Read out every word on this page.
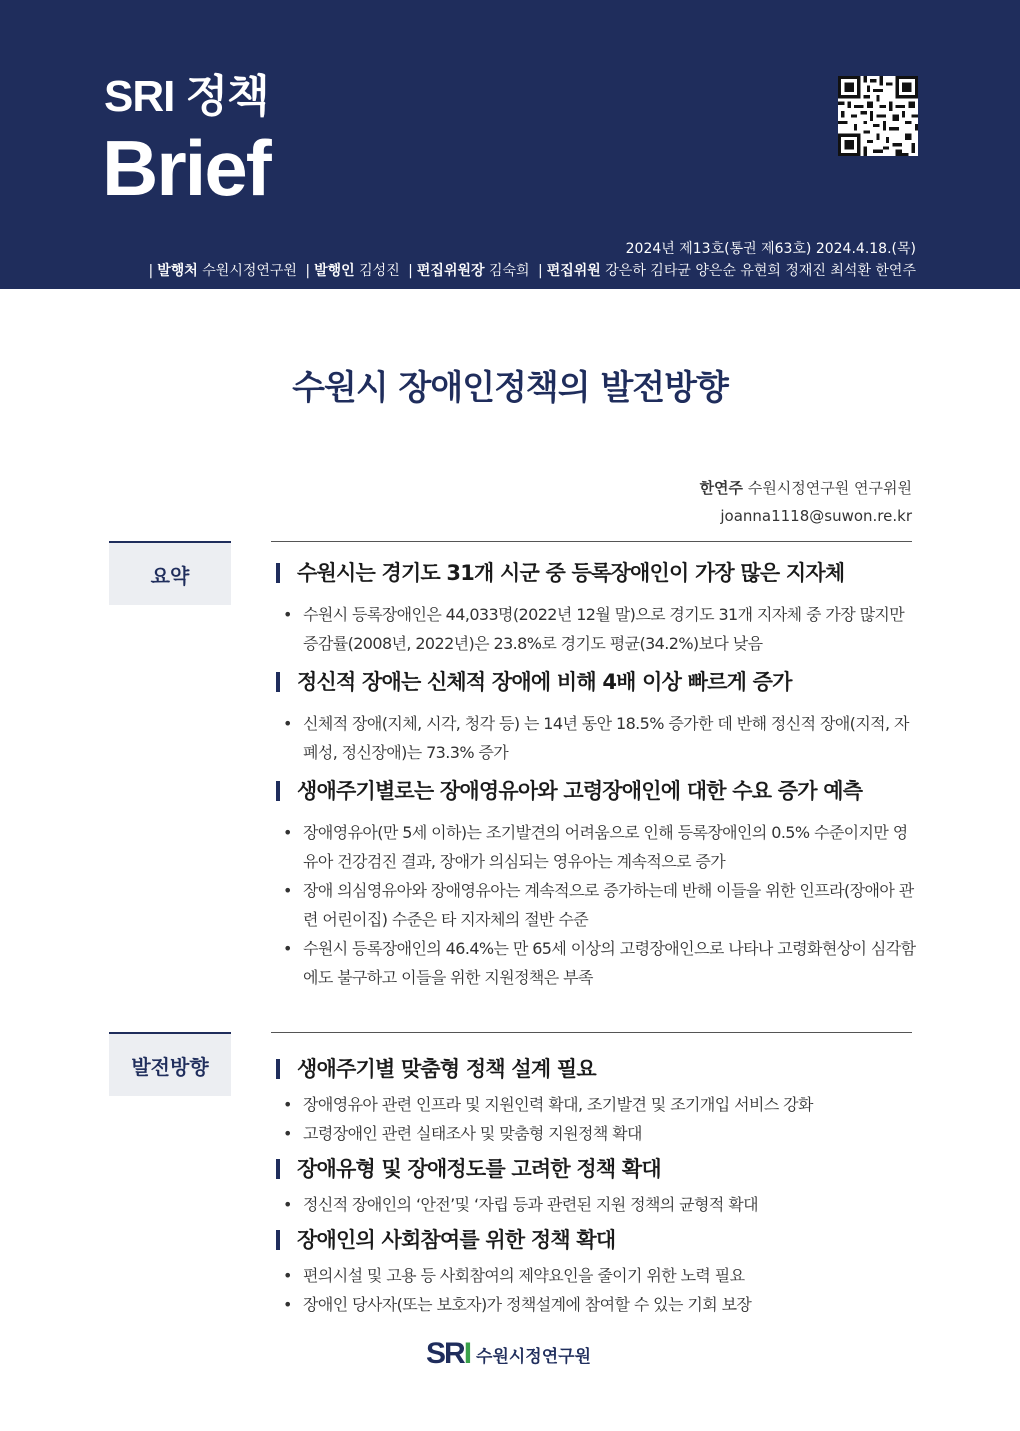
SRI 정책
Brief
2024년 제13호(통권 제63호) 2024.4.18.(목)
| 발행처 수원시정연구원 | 발행인 김성진 | 편집위원장 김숙희 | 편집위원 강은하 김타균 양은순 유현희 정재진 최석환 한연주
수원시 장애인정책의 발전방향
한연주 수원시정연구원 연구위원
joanna1118@suwon.re.kr
요약	수원시는 경기도 31개 시군 중 등록장애인이 가장 많은 지자체
• 수원시 등록장애인은 44,033명(2022년 12월 말)으로 경기도 31개 지자체 중 가장 많지만 증감률(2008년, 2022년)은 23.8%로 경기도 평균(34.2%)보다 낮음
정신적 장애는 신체적 장애에 비해 4배 이상 빠르게 증가
• 신체적 장애(지체, 시각, 청각 등) 는 14년 동안 18.5% 증가한 데 반해 정신적 장애(지적, 자폐성, 정신장애)는 73.3% 증가
생애주기별로는 장애영유아와 고령장애인에 대한 수요 증가 예측
• 장애영유아(만 5세 이하)는 조기발견의 어려움으로 인해 등록장애인의 0.5% 수준이지만 영유아 건강검진 결과, 장애가 의심되는 영유아는 계속적으로 증가
• 장애 의심영유아와 장애영유아는 계속적으로 증가하는데 반해 이들을 위한 인프라(장애아 관련 어린이집) 수준은 타 지자체의 절반 수준
• 수원시 등록장애인의 46.4%는 만 65세 이상의 고령장애인으로 나타나 고령화현상이 심각함에도 불구하고 이들을 위한 지원정책은 부족
발전방향	생애주기별 맞춤형 정책 설계 필요
• 장애영유아 관련 인프라 및 지원인력 확대, 조기발견 및 조기개입 서비스 강화
• 고령장애인 관련 실태조사 및 맞춤형 지원정책 확대
장애유형 및 장애정도를 고려한 정책 확대
• 정신적 장애인의 ‘안전’및 ‘자립 등과 관련된 지원 정책의 균형적 확대
장애인의 사회참여를 위한 정책 확대
• 편의시설 및 고용 등 사회참여의 제약요인을 줄이기 위한 노력 필요
• 장애인 당사자(또는 보호자)가 정책설계에 참여할 수 있는 기회 보장
SR I 수원시정연구원
